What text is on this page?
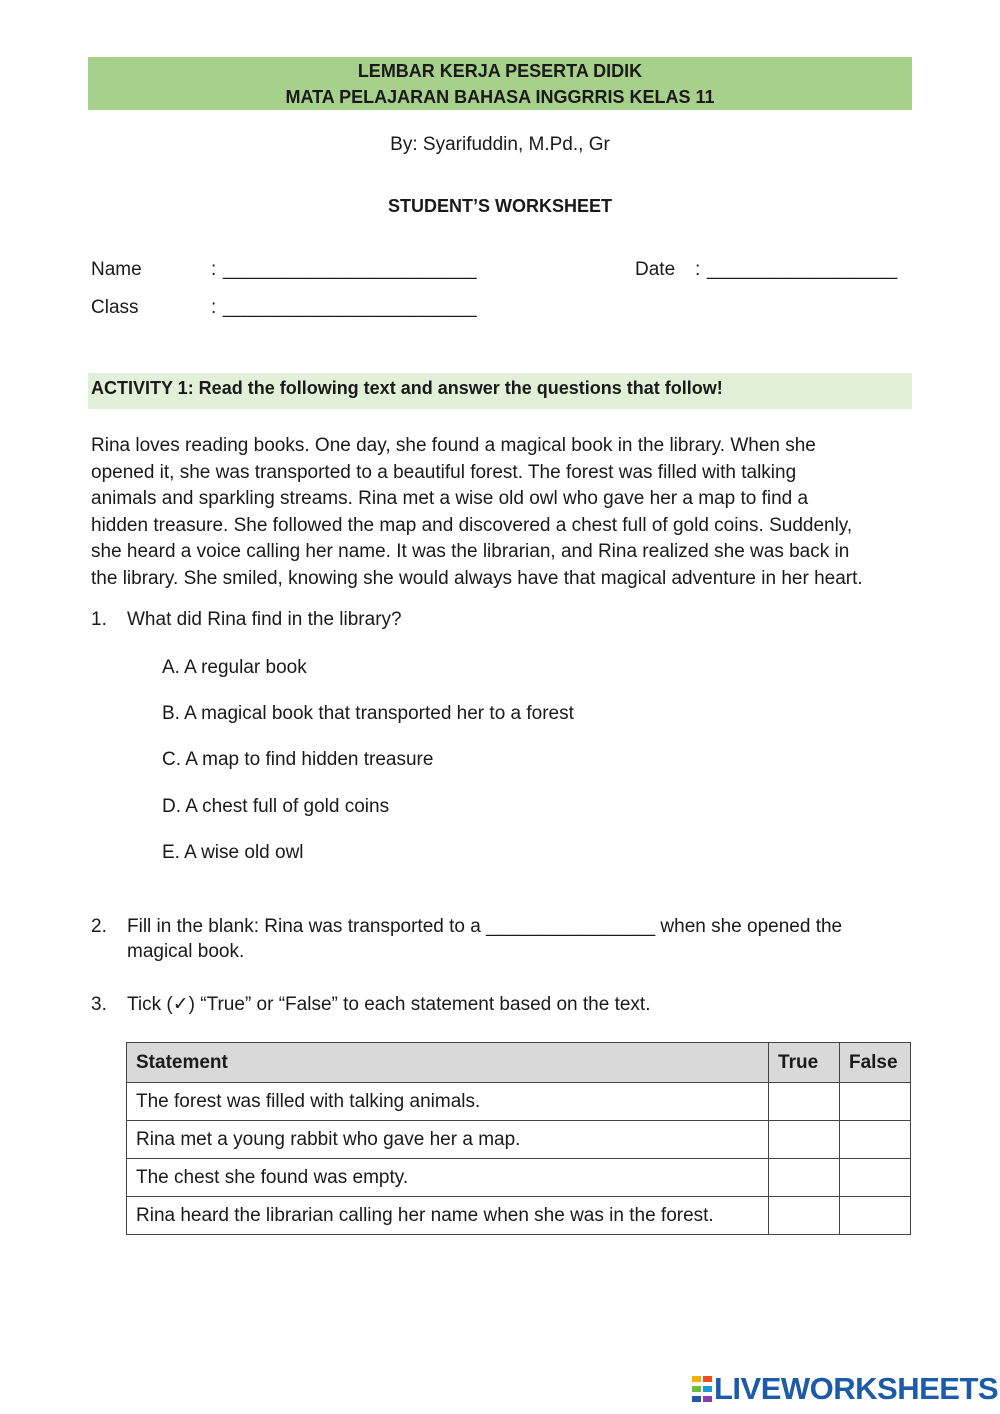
LEMBAR KERJA PESERTA DIDIK
MATA PELAJARAN BAHASA INGGRRIS KELAS 11
By: Syarifuddin, M.Pd., Gr
STUDENT’S WORKSHEET
Name	: ________________________	Date : __________________
Class	: ________________________
ACTIVITY 1: Read the following text and answer the questions that follow!
Rina loves reading books. One day, she found a magical book in the library. When she
opened it, she was transported to a beautiful forest. The forest was filled with talking
animals and sparkling streams. Rina met a wise old owl who gave her a map to find a
hidden treasure. She followed the map and discovered a chest full of gold coins. Suddenly,
she heard a voice calling her name. It was the librarian, and Rina realized she was back in
the library. She smiled, knowing she would always have that magical adventure in her heart.
1. What did Rina find in the library?
A. A regular book
B. A magical book that transported her to a forest
C. A map to find hidden treasure
D. A chest full of gold coins
E. A wise old owl
2. Fill in the blank: Rina was transported to a ________________ when she opened the
magical book.
3. Tick (✓) “True” or “False” to each statement based on the text.
Statement	True	False
The forest was filled with talking animals.		
Rina met a young rabbit who gave her a map.		
The chest she found was empty.		
Rina heard the librarian calling her name when she was in the forest.		
LIVEWORKSHEETS
